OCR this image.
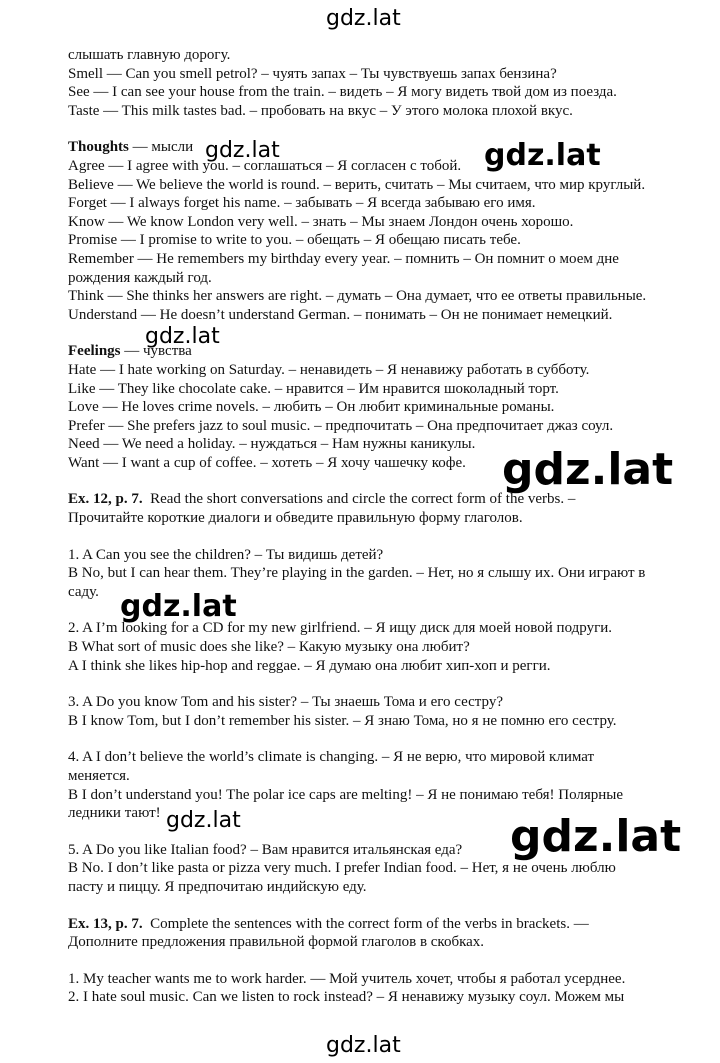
gdz.lat
слышать главную дорогу.
Smell — Can you smell petrol? – чуять запах – Ты чувствуешь запах бензина?
See — I can see your house from the train. – видеть – Я могу видеть твой дом из поезда.
Taste — This milk tastes bad. – пробовать на вкус – У этого молока плохой вкус.
Thoughts — мысли
Agree — I agree with you. – соглашаться – Я согласен с тобой.
Believe — We believe the world is round. – верить, считать – Мы считаем, что мир круглый.
Forget — I always forget his name. – забывать – Я всегда забываю его имя.
Know — We know London very well. – знать – Мы знаем Лондон очень хорошо.
Promise — I promise to write to you. – обещать – Я обещаю писать тебе.
Remember — He remembers my birthday every year. – помнить – Он помнит о моем дне
рождения каждый год.
Think — She thinks her answers are right. – думать – Она думает, что ее ответы правильные.
Understand — He doesn’t understand German. – понимать – Он не понимает немецкий.
Feelings — чувства
Hate — I hate working on Saturday. – ненавидеть – Я ненавижу работать в субботу.
Like — They like chocolate cake. – нравится – Им нравится шоколадный торт.
Love — He loves crime novels. – любить – Он любит криминальные романы.
Prefer — She prefers jazz to soul music. – предпочитать – Она предпочитает джаз соул.
Need — We need a holiday. – нуждаться – Нам нужны каникулы.
Want — I want a cup of coffee. – хотеть – Я хочу чашечку кофе.
Ex. 12, p. 7. Read the short conversations and circle the correct form of the verbs. –
Прочитайте короткие диалоги и обведите правильную форму глаголов.
1. A Can you see the children? – Ты видишь детей?
B No, but I can hear them. They’re playing in the garden. – Нет, но я слышу их. Они играют в
саду.
2. A I’m looking for a CD for my new girlfriend. – Я ищу диск для моей новой подруги.
B What sort of music does she like? – Какую музыку она любит?
A I think she likes hip-hop and reggae. – Я думаю она любит хип-хоп и регги.
3. A Do you know Tom and his sister? – Ты знаешь Тома и его сестру?
B I know Tom, but I don’t remember his sister. – Я знаю Тома, но я не помню его сестру.
4. A I don’t believe the world’s climate is changing. – Я не верю, что мировой климат
меняется.
B I don’t understand you! The polar ice caps are melting! – Я не понимаю тебя! Полярные
ледники тают!
5. A Do you like Italian food? – Вам нравится итальянская еда?
B No. I don’t like pasta or pizza very much. I prefer Indian food. – Нет, я не очень люблю
пасту и пиццу. Я предпочитаю индийскую еду.
Ex. 13, p. 7. Complete the sentences with the correct form of the verbs in brackets. —
Дополните предложения правильной формой глаголов в скобках.
1. My teacher wants me to work harder. — Мой учитель хочет, чтобы я работал усерднее.
2. I hate soul music. Can we listen to rock instead? – Я ненавижу музыку соул. Можем мы
gdz.lat	gdz.lat
gdz.lat
gdz.lat
gdz.lat
gdz.lat	gdz.lat
gdz.lat
